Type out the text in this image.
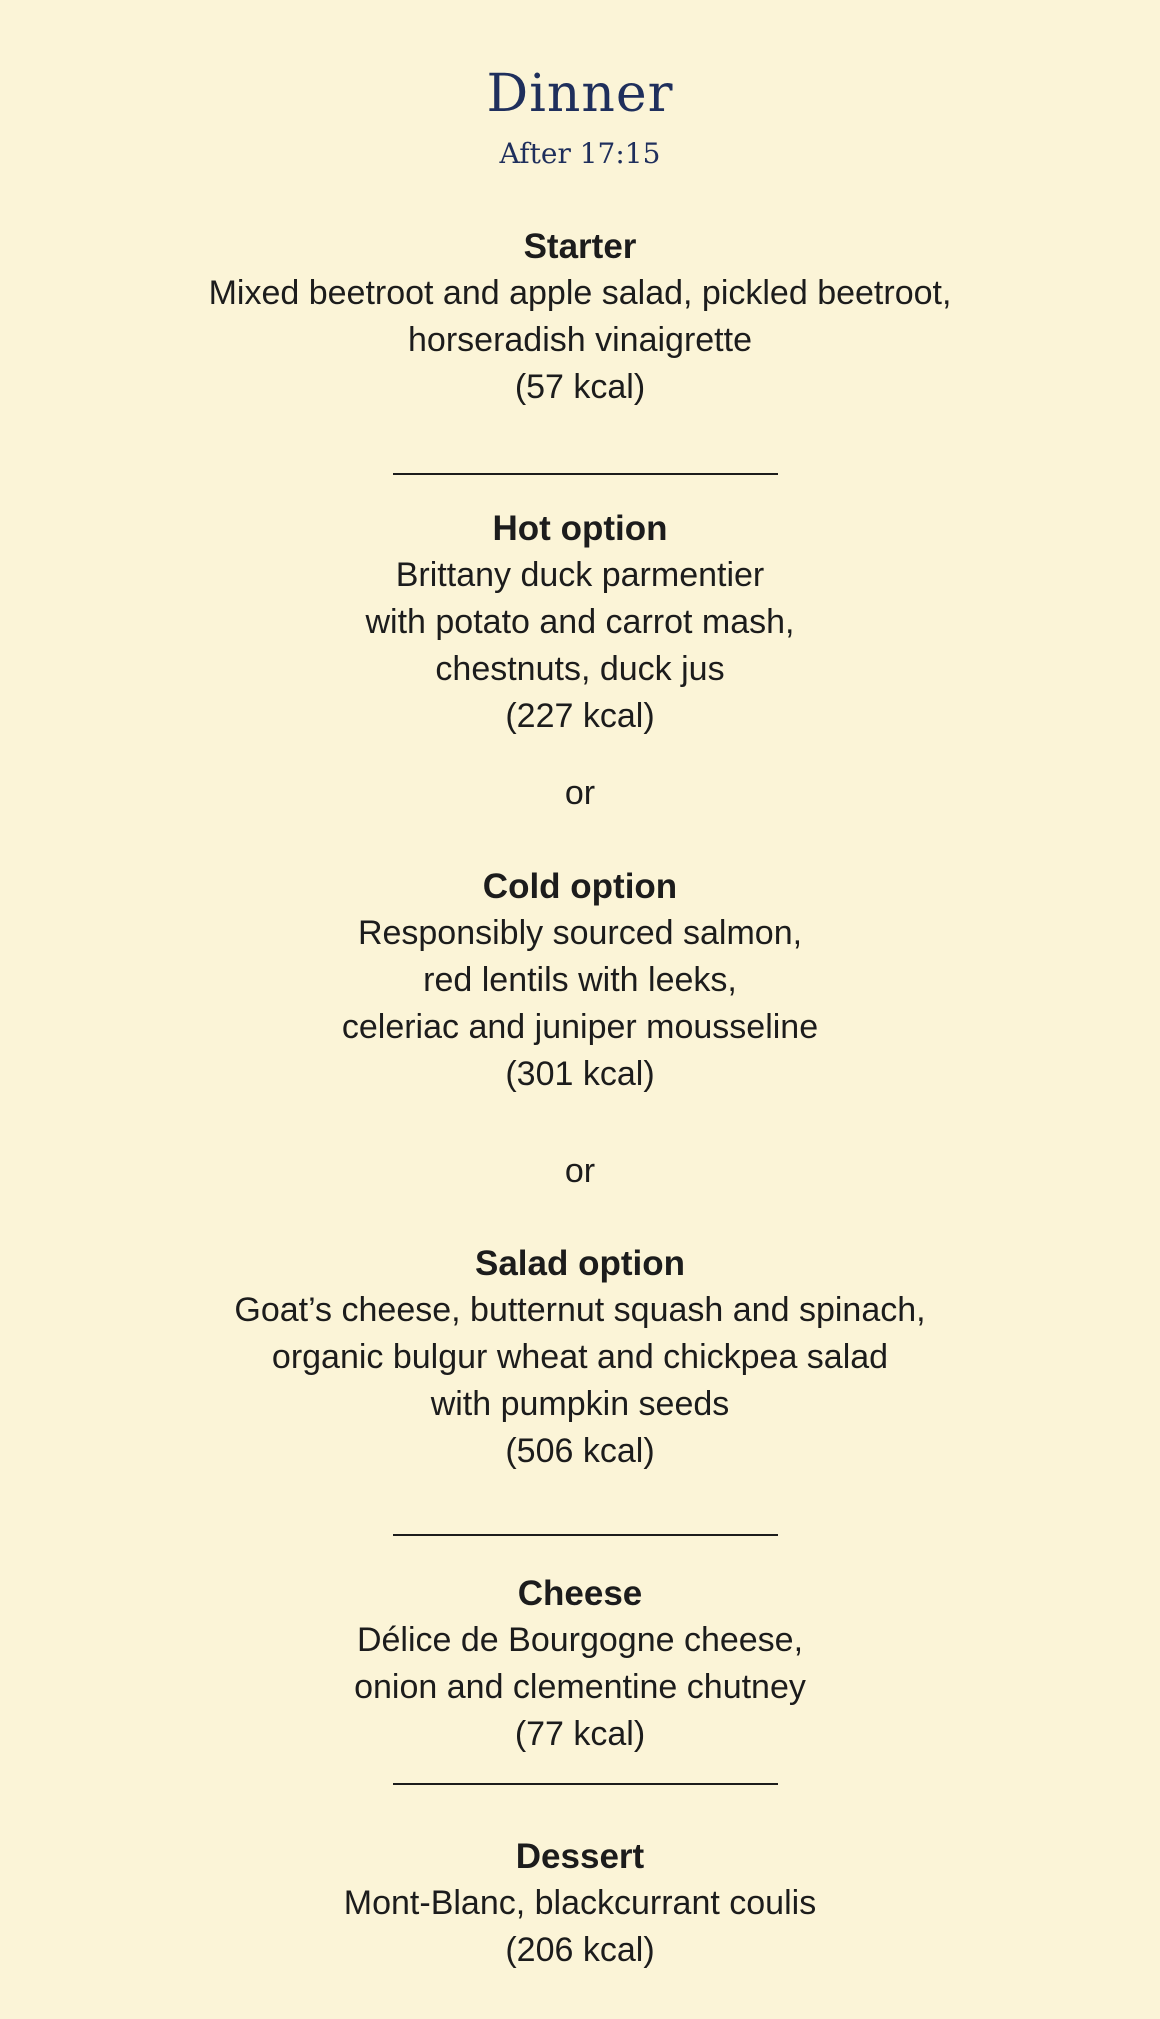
Dinner
After 17:15
Starter
Mixed beetroot and apple salad, pickled beetroot,
horseradish vinaigrette
(57 kcal)
Hot option
Brittany duck parmentier
with potato and carrot mash,
chestnuts, duck jus
(227 kcal)
or
Cold option
Responsibly sourced salmon,
red lentils with leeks,
celeriac and juniper mousseline
(301 kcal)
or
Salad option
Goat’s cheese, butternut squash and spinach,
organic bulgur wheat and chickpea salad
with pumpkin seeds
(506 kcal)
Cheese
Délice de Bourgogne cheese,
onion and clementine chutney
(77 kcal)
Dessert
Mont-Blanc, blackcurrant coulis
(206 kcal)
